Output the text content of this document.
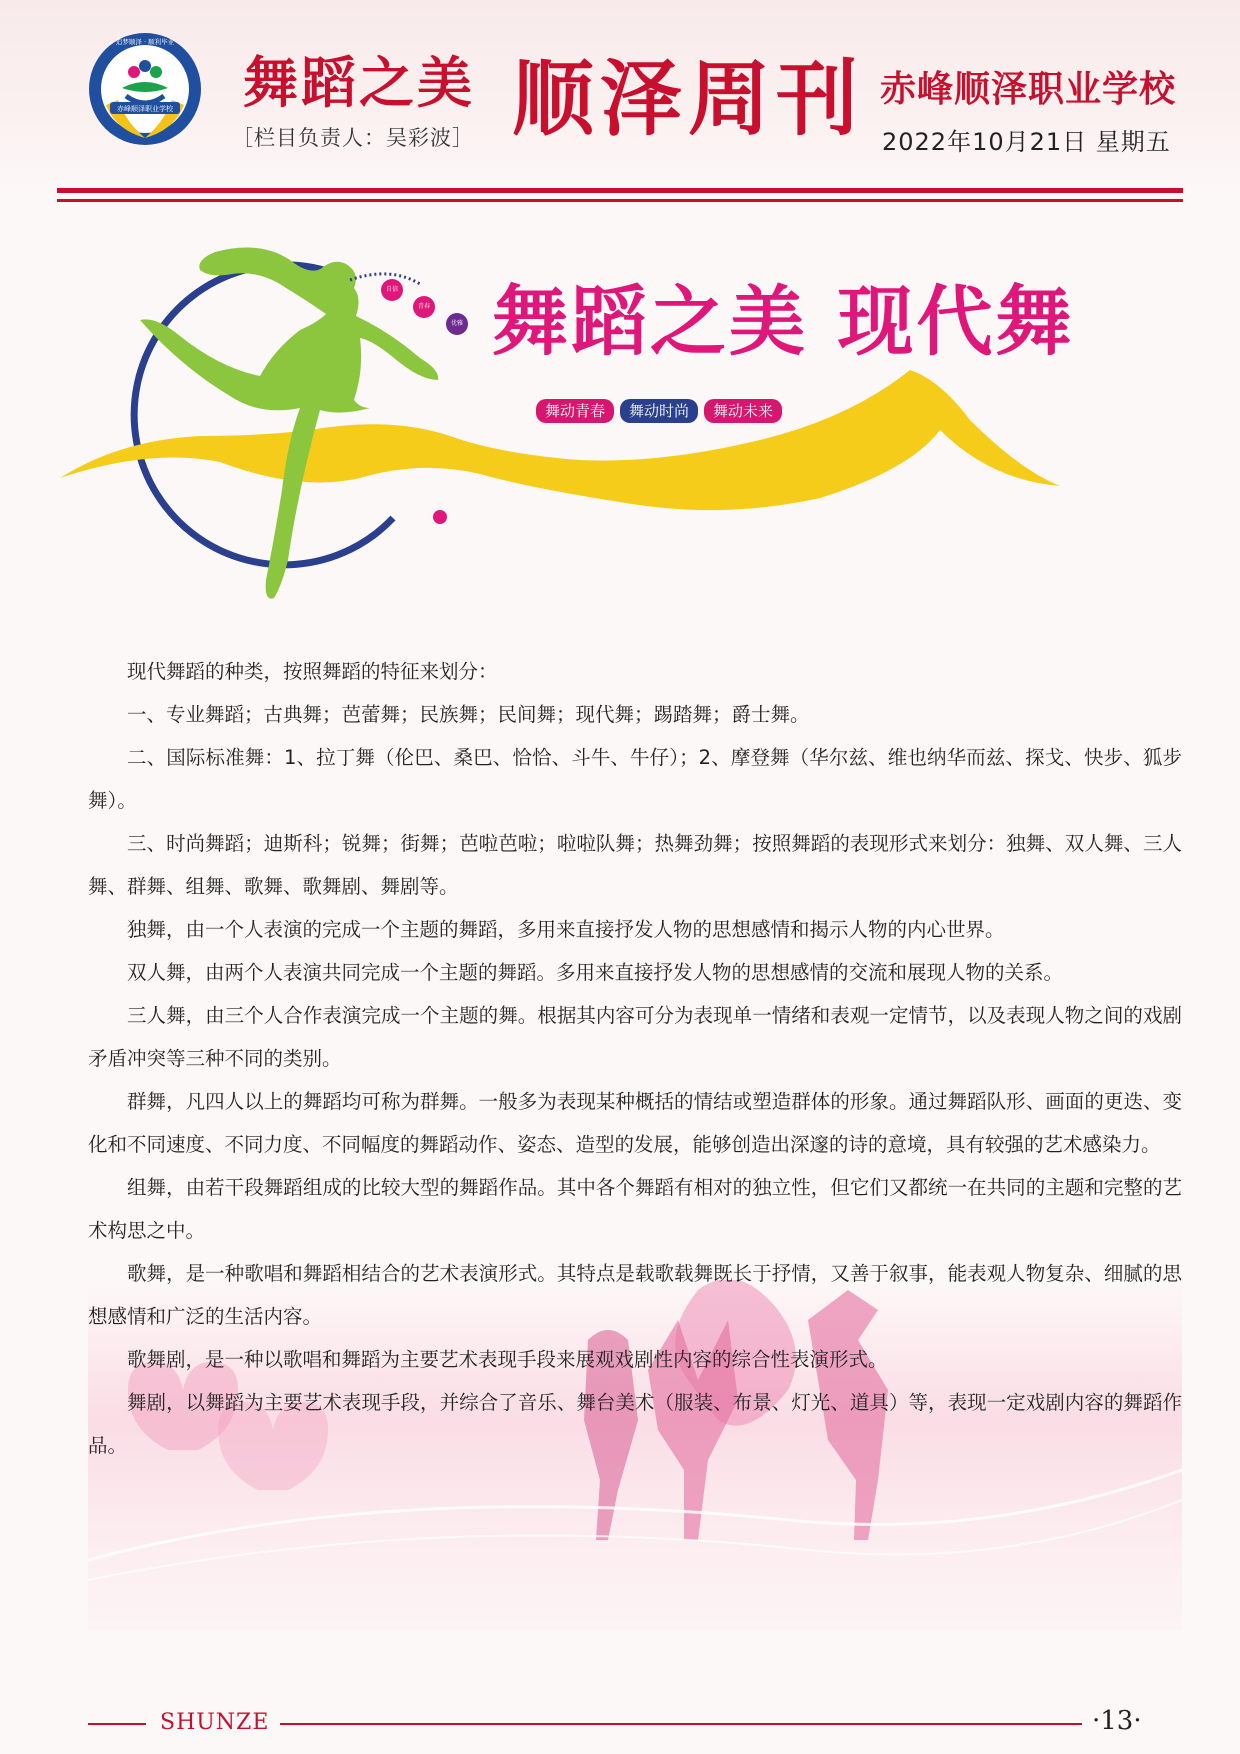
赤峰顺泽职业学校
追梦顺泽 · 顺利毕业
舞蹈之美
［栏目负责人：吴彩波］ 顺泽周刊 赤峰顺泽职业学校
2022年10月21日 星期五
自信
青春
优雅 舞蹈之美 现代舞
舞动青春	舞动时尚	舞动未来

现代舞蹈的种类，按照舞蹈的特征来划分：

一、专业舞蹈；古典舞；芭蕾舞；民族舞；民间舞；现代舞；踢踏舞；爵士舞。

二、国际标准舞：1、拉丁舞（伦巴、桑巴、恰恰、斗牛、牛仔）；2、摩登舞（华尔兹、维也纳华而兹、探戈、快步、狐步舞）。

三、时尚舞蹈；迪斯科；锐舞；街舞；芭啦芭啦；啦啦队舞；热舞劲舞；按照舞蹈的表现形式来划分：独舞、双人舞、三人舞、群舞、组舞、歌舞、歌舞剧、舞剧等。

独舞，由一个人表演的完成一个主题的舞蹈，多用来直接抒发人物的思想感情和揭示人物的内心世界。

双人舞，由两个人表演共同完成一个主题的舞蹈。多用来直接抒发人物的思想感情的交流和展现人物的关系。

三人舞，由三个人合作表演完成一个主题的舞。根据其内容可分为表现单一情绪和表观一定情节，以及表现人物之间的戏剧矛盾冲突等三种不同的类别。

群舞，凡四人以上的舞蹈均可称为群舞。一般多为表现某种概括的情结或塑造群体的形象。通过舞蹈队形、画面的更迭、变化和不同速度、不同力度、不同幅度的舞蹈动作、姿态、造型的发展，能够创造出深邃的诗的意境，具有较强的艺术感染力。

组舞，由若干段舞蹈组成的比较大型的舞蹈作品。其中各个舞蹈有相对的独立性，但它们又都统一在共同的主题和完整的艺术构思之中。

歌舞，是一种歌唱和舞蹈相结合的艺术表演形式。其特点是载歌载舞既长于抒情，又善于叙事，能表观人物复杂、细腻的思想感情和广泛的生活内容。

歌舞剧，是一种以歌唱和舞蹈为主要艺术表现手段来展观戏剧性内容的综合性表演形式。

舞剧，以舞蹈为主要艺术表现手段，并综合了音乐、舞台美术（服装、布景、灯光、道具）等，表现一定戏剧内容的舞蹈作品。

SHUNZE	·13·
